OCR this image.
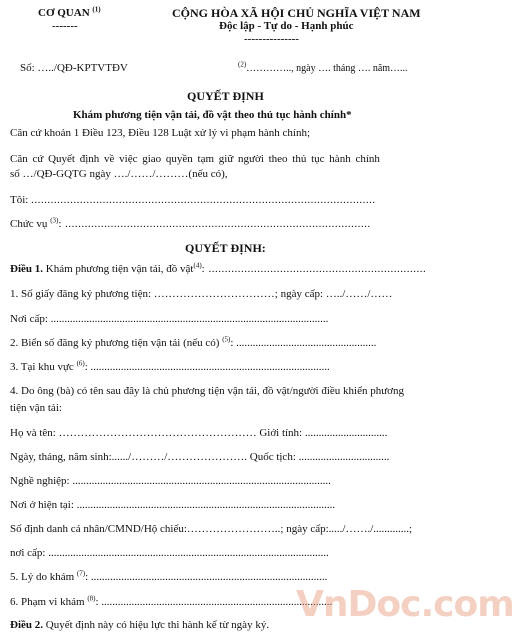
CƠ QUAN $^{(1)}$
-------
CỘNG HÒA XÃ HỘI CHỦ NGHĨA VIỆT NAM
Độc lập - Tự do - Hạnh phúc
---------------
Số: …../QĐ-KPTVTĐV	$^{(2)}$………….., ngày …. tháng …. năm…...
QUYẾT ĐỊNH
Khám phương tiện vận tải, đồ vật theo thủ tục hành chính*
Căn cứ khoản 1 Điều 123, Điều 128 Luật xử lý vi phạm hành chính;
Căn cứ Quyết định về việc giao quyền tạm giữ người theo thủ tục hành chính
số …/QĐ-GQTG ngày …./……/………(nếu có),
Tôi: ..........................................................................................................
Chức vụ $^{(3)}$: ..............................................................................................
QUYẾT ĐỊNH:
Điều 1. Khám phương tiện vận tải, đồ vật$^{(4)}$: ...................................................................
1. Số giấy đăng ký phương tiện: ……………………………; ngày cấp: …../……/……
Nơi cấp: .....................................................................................................
2. Biển số đăng ký phương tiện vận tải (nếu có) $^{(5)}$: ...................................................
3. Tại khu vực $^{(6)}$: .......................................................................................
4. Do ông (bà) có tên sau đây là chủ phương tiện vận tải, đồ vật/người điều khiển phương
tiện vận tải:
Họ và tên: ……………………………………………… Giới tính: ..............................
Ngày, tháng, năm sinh:....../………/…………………. Quốc tịch: .................................
Nghề nghiệp: ..............................................................................................
Nơi ở hiện tại: ..............................................................................................
Số định danh cá nhân/CMND/Hộ chiếu:……………………..; ngày cấp:...../……./.............;
nơi cấp: ......................................................................................................
5. Lý do khám $^{(7)}$: ......................................................................................
6. Phạm vi khám $^{(8)}$: ....................................................................................
Điều 2. Quyết định này có hiệu lực thi hành kể từ ngày ký. VnDoc.com
